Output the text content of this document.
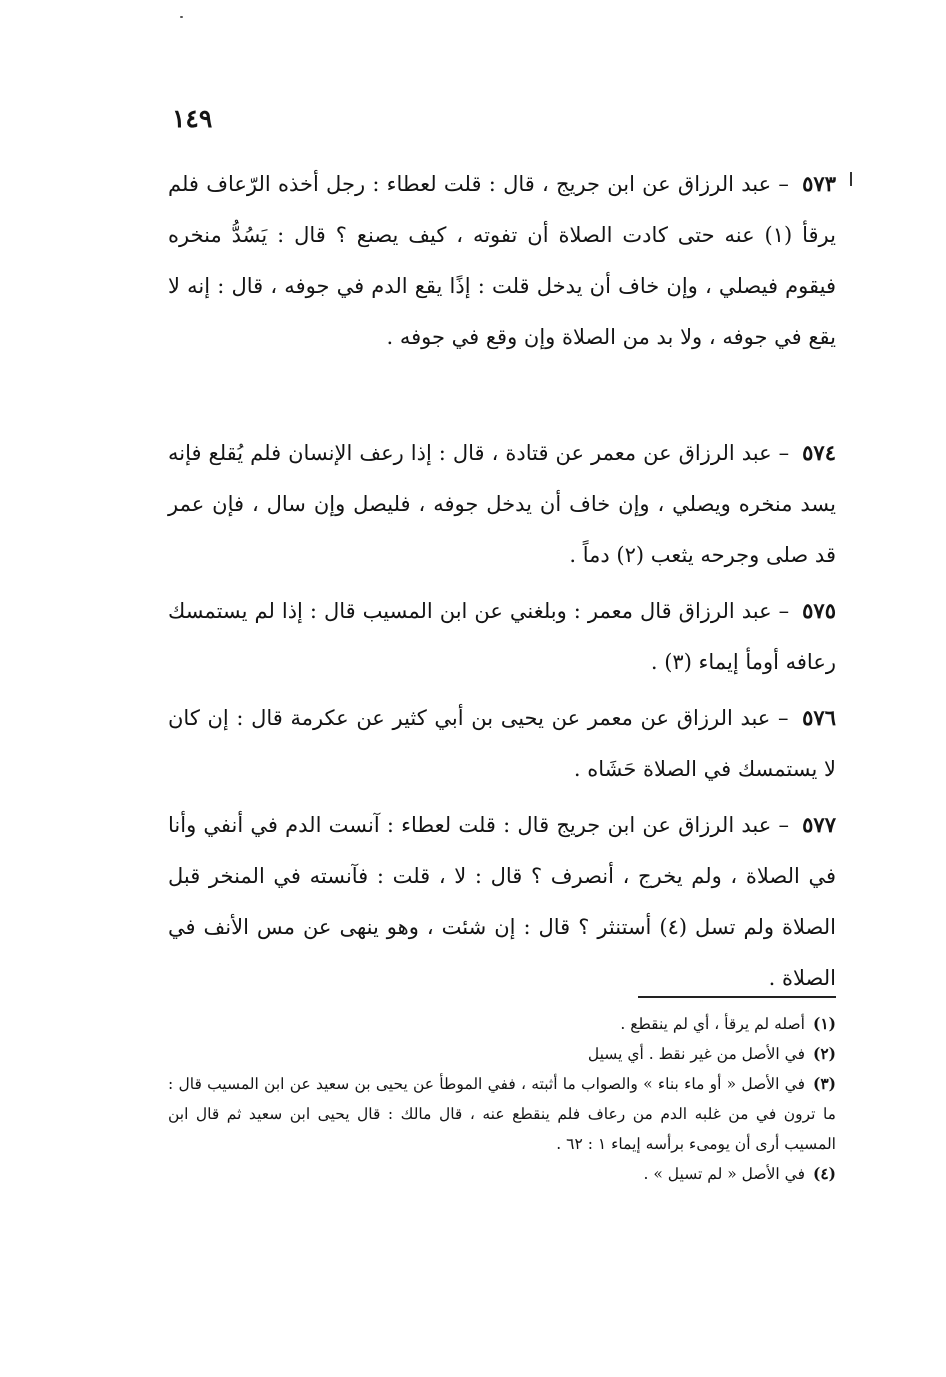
١٤٩

٥٧٣ – عبد الرزاق عن ابن جريج ، قال : قلت لعطاء : رجل أخذه الرّعاف فلم يرقأ (١) عنه حتى كادت الصلاة أن تفوته ، كيف يصنع ؟ قال : يَسُدُّ منخره فيقوم فيصلي ، وإن خاف أن يدخل قلت : إذًا يقع الدم في جوفه ، قال : إنه لا يقع في جوفه ، ولا بد من الصلاة وإن وقع في جوفه .

٥٧٤ – عبد الرزاق عن معمر عن قتادة ، قال : إذا رعف الإنسان فلم يُقلع فإنه يسد منخره ويصلي ، وإن خاف أن يدخل جوفه ، فليصل وإن سال ، فإن عمر قد صلى وجرحه يثعب (٢) دماً .

٥٧٥ – عبد الرزاق قال معمر : وبلغني عن ابن المسيب قال : إذا لم يستمسك رعافه أومأ إيماء (٣) .

٥٧٦ – عبد الرزاق عن معمر عن يحيى بن أبي كثير عن عكرمة قال : إن كان لا يستمسك في الصلاة حَشَاه .

٥٧٧ – عبد الرزاق عن ابن جريج قال : قلت لعطاء : آنست الدم في أنفي وأنا في الصلاة ، ولم يخرج ، أنصرف ؟ قال : لا ، قلت : فآنسته في المنخر قبل الصلاة ولم تسل (٤) أستنثر ؟ قال : إن شئت ، وهو ينهى عن مس الأنف في الصلاة .

(١)أصله لم يرقأ ، أي لم ينقطع .
(٢)في الأصل من غير نقط . أي يسيل
(٣)في الأصل « أو ماء بناء » والصواب ما أثبته ، ففي الموطأ عن يحيى بن سعيد عن ابن المسيب قال : ما ترون في من غلبه الدم من رعاف فلم ينقطع عنه ، قال مالك : قال يحيى ابن سعيد ثم قال ابن المسيب أرى أن يومىء برأسه إيماء ١ : ٦٢ .
(٤)في الأصل « لم تسيل » .
